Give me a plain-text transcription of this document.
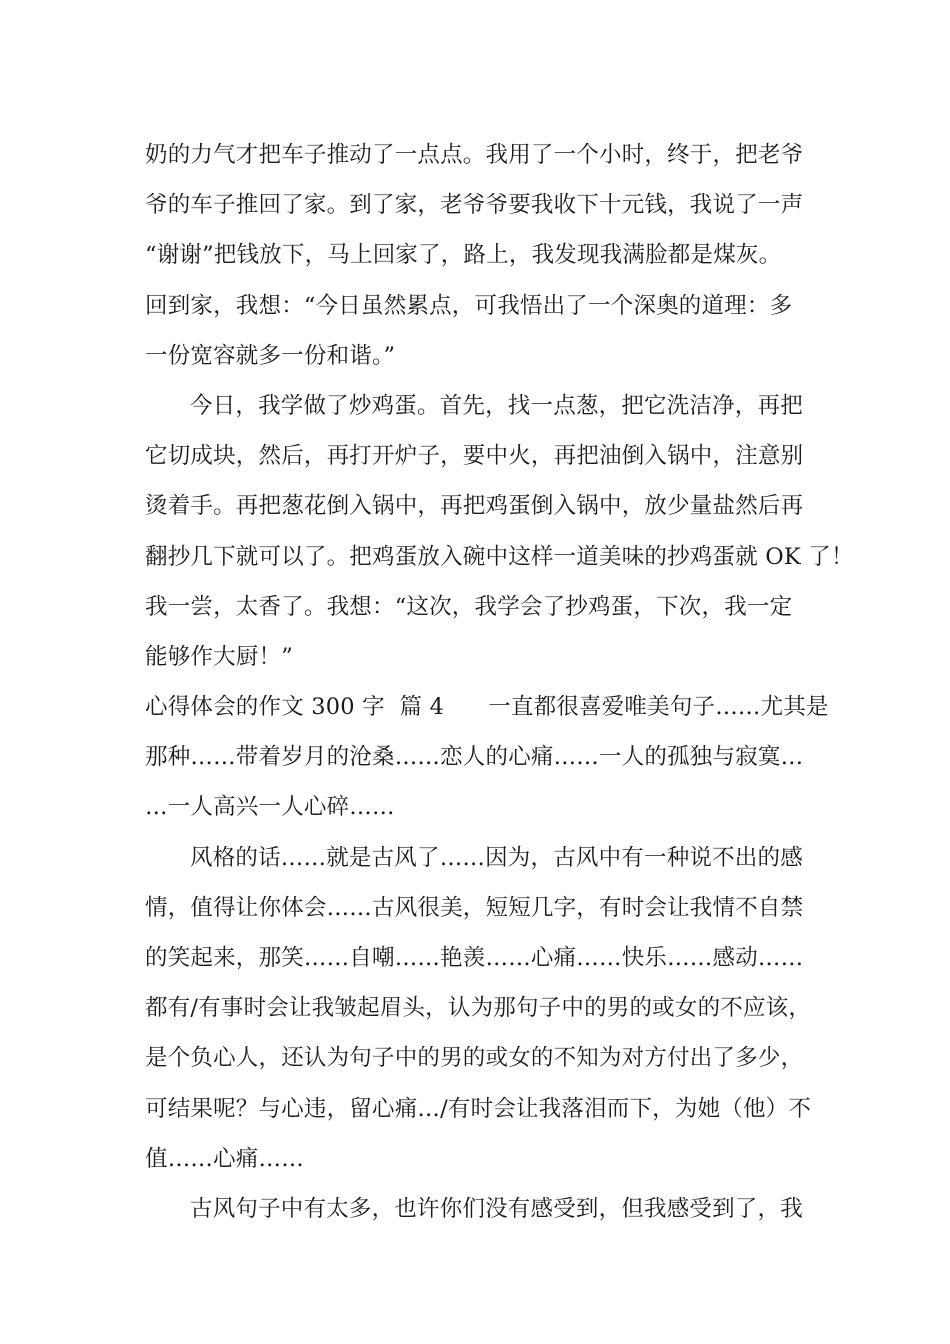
奶的力气才把车子推动了一点点。我用了一个小时，终于，把老爷
爷的车子推回了家。到了家，老爷爷要我收下十元钱，我说了一声
“谢谢”把钱放下，马上回家了，路上，我发现我满脸都是煤灰。
回到家，我想：“今日虽然累点，可我悟出了一个深奥的道理：多
一份宽容就多一份和谐。”
今日，我学做了炒鸡蛋。首先，找一点葱，把它洗洁净，再把
它切成块，然后，再打开炉子，要中火，再把油倒入锅中，注意别
烫着手。再把葱花倒入锅中，再把鸡蛋倒入锅中，放少量盐然后再
翻抄几下就可以了。把鸡蛋放入碗中这样一道美味的抄鸡蛋就 OK 了！
我一尝，太香了。我想：“这次，我学会了抄鸡蛋，下次，我一定
能够作大厨！”
心得体会的作文 300 字  篇 4      一直都很喜爱唯美句子……尤其是
那种……带着岁月的沧桑……恋人的心痛……一人的孤独与寂寞…
…一人高兴一人心碎……
风格的话……就是古风了……因为，古风中有一种说不出的感
情，值得让你体会……古风很美，短短几字，有时会让我情不自禁
的笑起来，那笑……自嘲……艳羡……心痛……快乐……感动……
都有/有事时会让我皱起眉头，认为那句子中的男的或女的不应该，
是个负心人，还认为句子中的男的或女的不知为对方付出了多少，
可结果呢？与心违，留心痛…/有时会让我落泪而下，为她（他）不
值……心痛……
古风句子中有太多，也许你们没有感受到，但我感受到了，我
